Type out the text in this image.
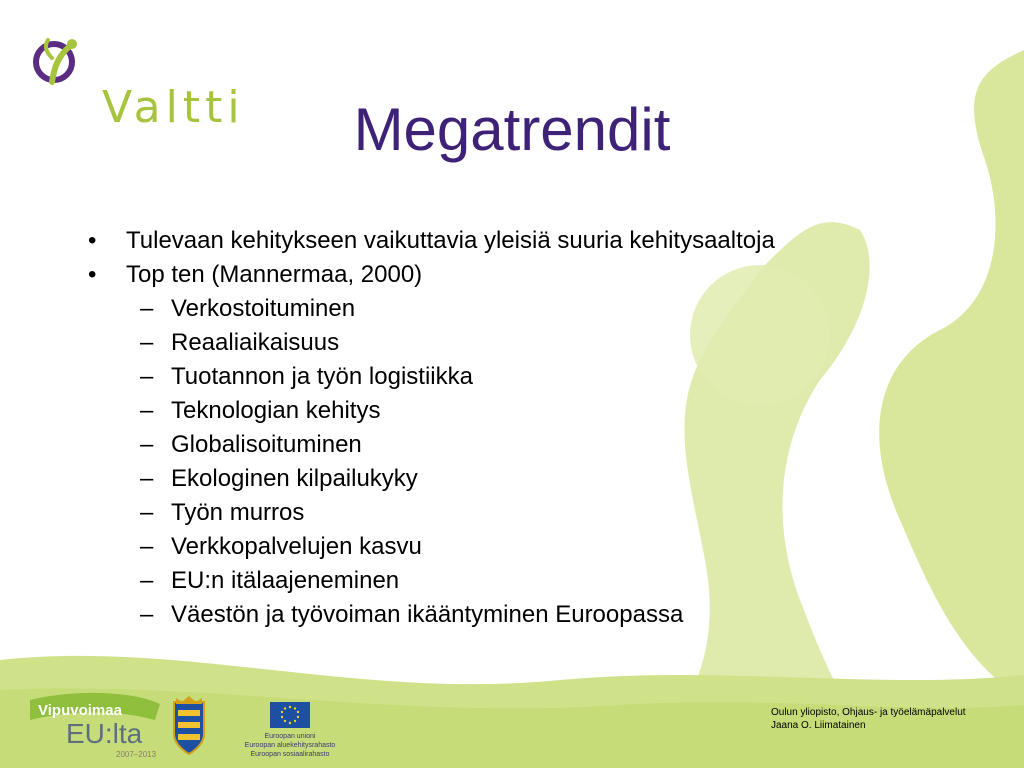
Valtti	Megatrendit
• Tulevaan kehitykseen vaikuttavia yleisiä suuria kehitysaaltoja
• Top ten (Mannermaa, 2000)
– Verkostoituminen
– Reaaliaikaisuus
– Tuotannon ja työn logistiikka
– Teknologian kehitys
– Globalisoituminen
– Ekologinen kilpailukyky
– Työn murros
– Verkkopalvelujen kasvu
– EU:n itälaajeneminen
– Väestön ja työvoiman ikääntyminen Euroopassa
Vipuvoimaa
EU:lta
2007–2013
Euroopan unioni
Euroopan aluekehitysrahasto
Euroopan sosiaalirahasto
Oulun yliopisto, Ohjaus- ja työelämäpalvelut
Jaana O. Liimatainen
